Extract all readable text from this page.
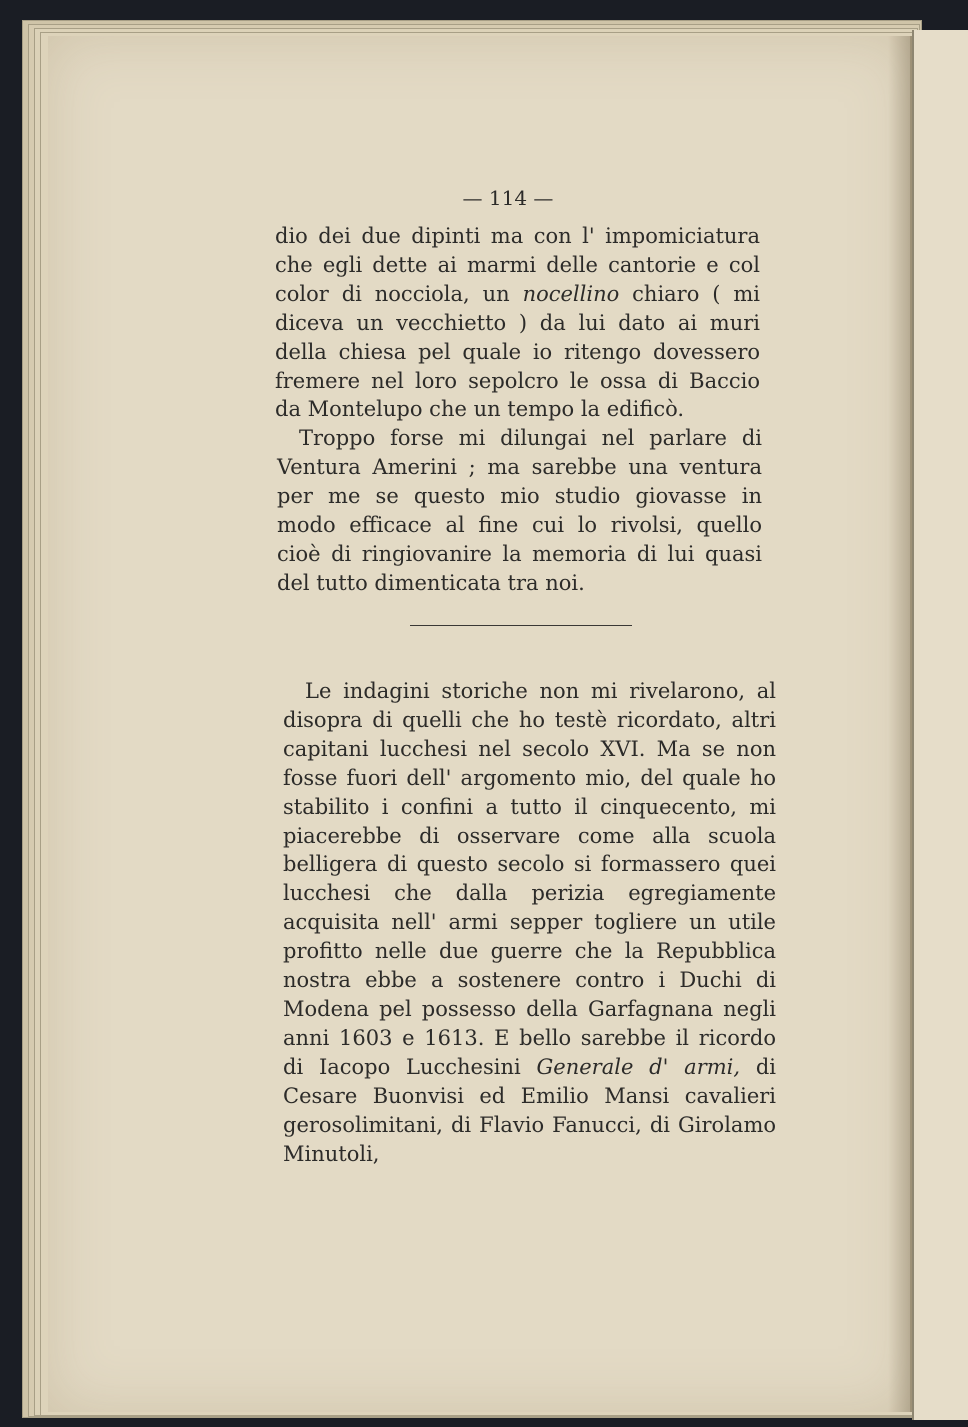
— 114 —

dio dei due dipinti ma con l' impomiciatura che egli dette ai marmi delle cantorie e col color di nocciola, un nocellino chiaro ( mi diceva un vecchietto ) da lui dato ai muri della chiesa pel quale io ritengo dovessero fremere nel loro sepolcro le ossa di Baccio da Montelupo che un tempo la edificò.

Troppo forse mi dilungai nel parlare di Ventura Amerini ; ma sarebbe una ventura per me se questo mio studio giovasse in modo efficace al fine cui lo rivolsi, quello cioè di ringiovanire la memoria di lui quasi del tutto dimenticata tra noi.

Le indagini storiche non mi rivelarono, al disopra di quelli che ho testè ricordato, altri capitani lucchesi nel secolo XVI. Ma se non fosse fuori dell' argomento mio, del quale ho stabilito i confini a tutto il cinquecento, mi piacerebbe di osservare come alla scuola belligera di questo secolo si formassero quei lucchesi che dalla perizia egregiamente acquisita nell' armi sepper togliere un utile profitto nelle due guerre che la Repubblica nostra ebbe a sostenere contro i Duchi di Modena pel possesso della Garfagnana negli anni 1603 e 1613. E bello sarebbe il ricordo di Iacopo Lucchesini Generale d' armi, di Cesare Buonvisi ed Emilio Mansi cavalieri gerosolimitani, di Flavio Fanucci, di Girolamo Minutoli,
